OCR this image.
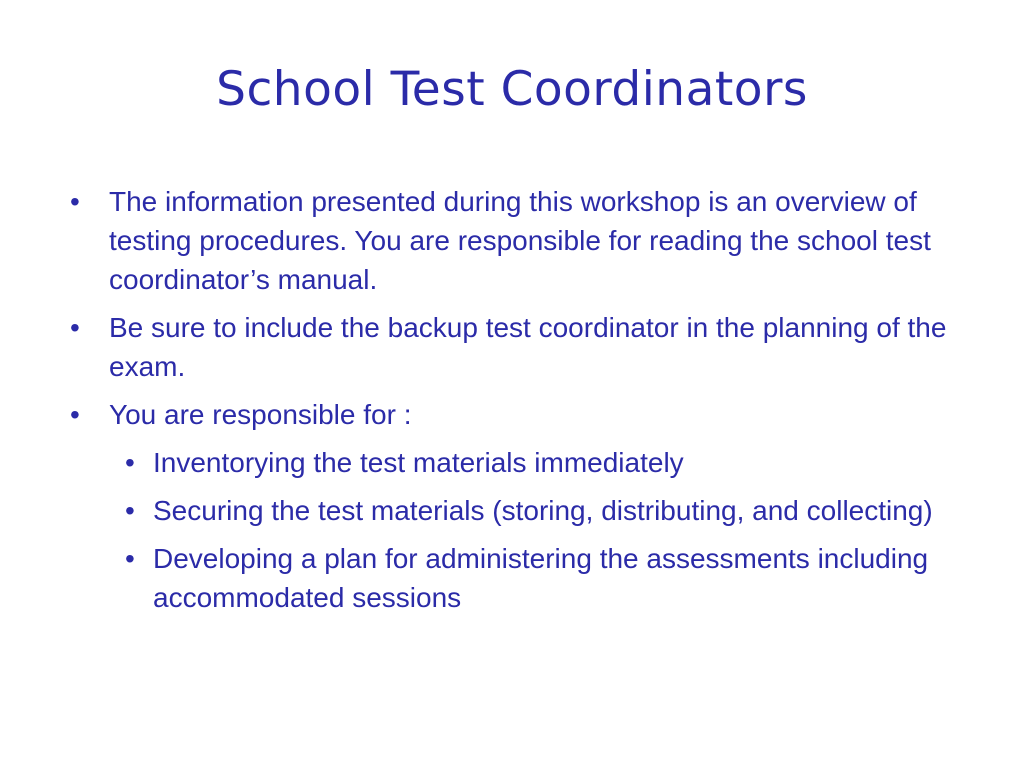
School Test Coordinators
•	The information presented during this workshop is an overview of testing procedures. You are responsible for reading the school test coordinator’s manual.
•	Be sure to include the backup test coordinator in the planning of the exam.
•	You are responsible for :
• Inventorying the test materials immediately
• Securing the test materials (storing, distributing, and collecting)
• Developing a plan for administering the assessments including accommodated sessions
